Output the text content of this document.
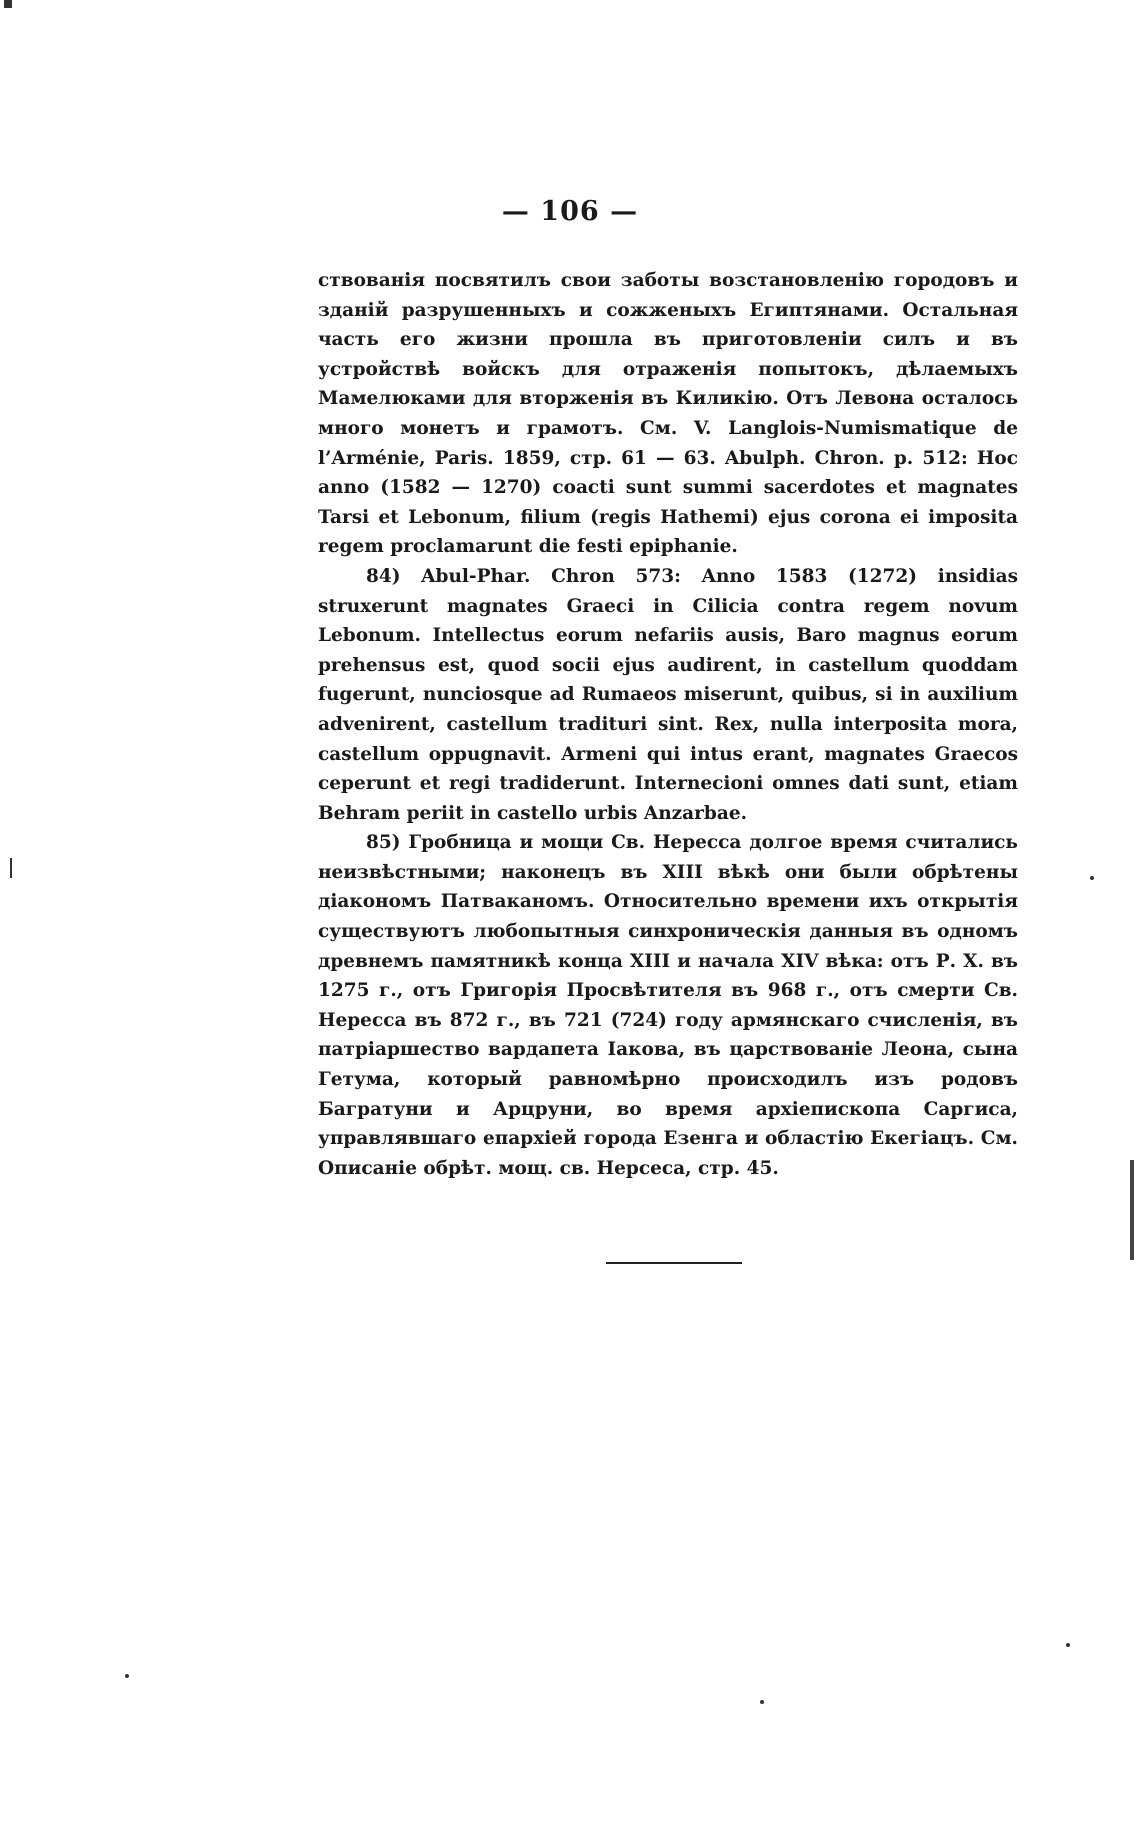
— 106 —

ствованія посвятилъ свои заботы возстановленію городовъ и зданій разрушенныхъ и сожженыхъ Египтянами. Остальная часть его жизни прошла въ приготовленіи силъ и въ устройствѣ войскъ для отраженія попытокъ, дѣлаемыхъ Мамелюками для вторженія въ Киликію. Отъ Левона осталось много монетъ и грамотъ. См. V. Langlois-Numismatique de l’Arménie, Paris. 1859, стр. 61 — 63. Abulph. Chron. p. 512: Hoc anno (1582 — 1270) coacti sunt summi sacerdotes et magnates Tarsi et Lebonum, filium (regis Hathemi) ejus corona ei imposita regem proclamarunt die festi epiphanie.

84) Abul-Phar. Chron 573: Anno 1583 (1272) insidias struxerunt magnates Graeci in Cilicia contra regem novum Lebonum. Intellectus eorum nefariis ausis, Baro magnus eorum prehensus est, quod socii ejus audirent, in castellum quoddam fugerunt, nunciosque ad Rumaeos miserunt, quibus, si in auxilium advenirent, castellum tradituri sint. Rex, nulla interposita mora, castellum oppugnavit. Armeni qui intus erant, magnates Graecos ceperunt et regi tradiderunt. Internecioni omnes dati sunt, etiam Behram periit in castello urbis Anzarbae.

85) Гробница и мощи Св. Нересса долгое время считались неизвѣстными; наконецъ въ XIII вѣкѣ они были обрѣтены діакономъ Патваканомъ. Относительно времени ихъ открытія существуютъ любопытныя синхроническія данныя въ одномъ древнемъ памятникѣ конца XIII и начала XIV вѣка: отъ Р. Х. въ 1275 г., отъ Григорія Просвѣтителя въ 968 г., отъ смерти Св. Нересса въ 872 г., въ 721 (724) году армянскаго счисленія, въ патріаршество вардапета Іакова, въ царствованіе Леона, сына Гетума, который равномѣрно происходилъ изъ родовъ Багратуни и Арцруни, во время архіепископа Саргиса, управлявшаго епархіей города Езенга и областію Екегіацъ. См. Описаніе обрѣт. мощ. св. Нерсеса, стр. 45.
